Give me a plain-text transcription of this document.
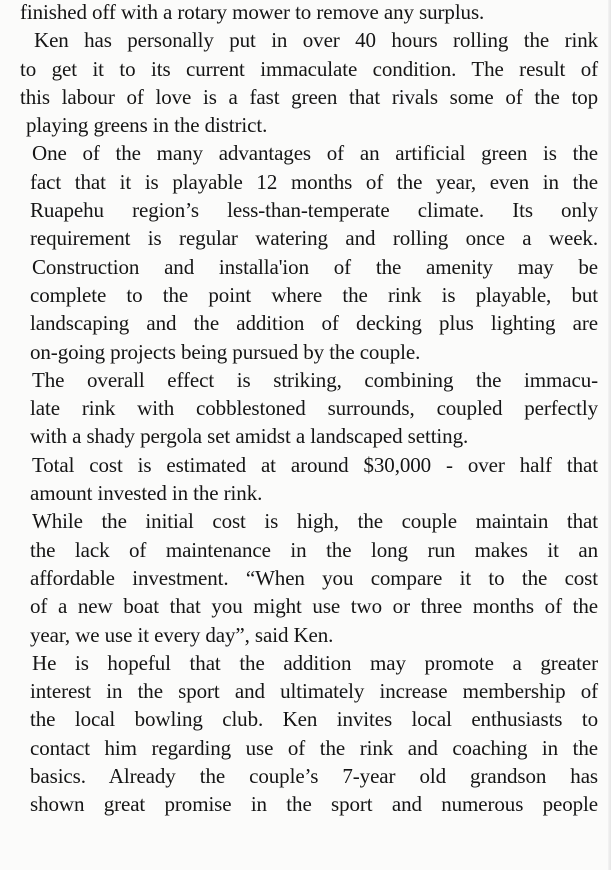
finished off with a rotary mower to remove any surplus.
Ken has personally put in over 40 hours rolling the rink
to get it to its current immaculate condition. The result of
this labour of love is a fast green that rivals some of the top
playing greens in the district.
One of the many advantages of an artificial green is the
fact that it is playable 12 months of the year, even in the
Ruapehu region’s less-than-temperate climate. Its only
requirement is regular watering and rolling once a week.
Construction and installa'ion of the amenity may be
complete to the point where the rink is playable, but
landscaping and the addition of decking plus lighting are
on-going projects being pursued by the couple.
The overall effect is striking, combining the immacu-
late rink with cobblestoned surrounds, coupled perfectly
with a shady pergola set amidst a landscaped setting.
Total cost is estimated at around $30,000 - over half that
amount invested in the rink.
While the initial cost is high, the couple maintain that
the lack of maintenance in the long run makes it an
affordable investment. “When you compare it to the cost
of a new boat that you might use two or three months of the
year, we use it every day”, said Ken.
He is hopeful that the addition may promote a greater
interest in the sport and ultimately increase membership of
the local bowling club. Ken invites local enthusiasts to
contact him regarding use of the rink and coaching in the
basics. Already the couple’s 7-year old grandson has
shown great promise in the sport and numerous people
